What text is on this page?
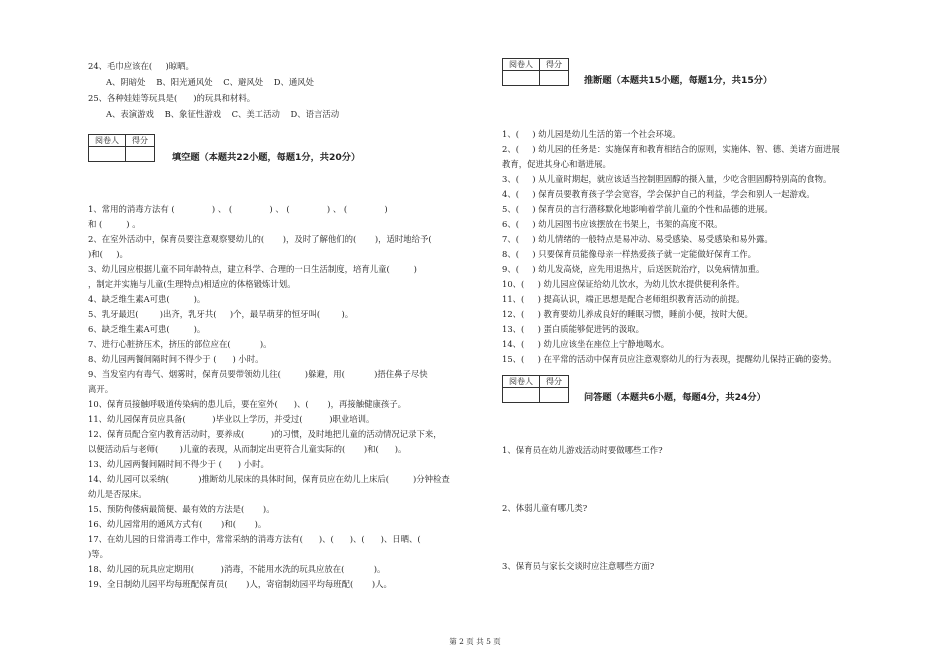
24、毛巾应该在(     )晾晒。
A、阴暗处    B、阳光通风处    C、避风处    D、通风处
25、各种娃娃等玩具是(      )的玩具和材料。
A、表演游戏    B、象征性游戏    C、美工活动    D、语言活动
阅卷人	得分

填空题（本题共22小题，每题1分，共20分）
1、常用的消毒方法有 (              ) 、 (              ) 、 (              ) 、 (              )
和 (         ) 。
2、在室外活动中，保育员要注意观察婴幼儿的(       )，及时了解他们的(       )，适时地给予(
)和(     )。
3、幼儿园应根据儿童不同年龄特点，建立科学、合理的一日生活制度，培育儿童(         )
，制定并实施与儿童(生理特点)相适应的体格锻炼计划。
4、缺乏维生素A可患(         )。
5、乳牙最迟(        )出齐，乳牙共(     )个，最早萌芽的恒牙叫(        )。
6、缺乏维生素A可患(         )。
7、进行心脏挤压术，挤压的部位应在(           )。
8、幼儿园两餐间隔时间不得少于 (      ) 小时。
9、当发室内有毒气、烟雾时，保育员要带领幼儿往(         )躲避，用(           )捂住鼻子尽快
离开。
10、保育员接触呼吸道传染病的患儿后，要在室外(      )、(       )，再接触健康孩子。
11、幼儿园保育员应具备(          )毕业以上学历，并受过(          )职业培训。
12、保育员配合室内教育活动时，要养成(          )的习惯，及时地把儿童的活动情况记录下来，
以便活动后与老师(        )儿童的表现，从而制定出更符合儿童实际的(       )和(      )。
13、幼儿园两餐间隔时间不得少于 (      ) 小时。
14、幼儿园可以采纳(           )推断幼儿尿床的具体时间，保育员应在幼儿上床后(         )分钟检查
幼儿是否尿床。
15、预防佝偻病最简便、最有效的方法是(       )。
16、幼儿园常用的通风方式有(       )和(       )。
17、在幼儿园的日常消毒工作中，常常采纳的消毒方法有(      )、(      )、(      )、日晒、(
)等。
18、幼儿园的玩具应定期用(          )消毒，不能用水洗的玩具应放在(           )。
19、全日制幼儿园平均每班配保育员(       )人，寄宿制幼园平均每班配(       )人。
阅卷人	得分

推断题（本题共15小题，每题1分，共15分）
1、(     ) 幼儿园是幼儿生活的第一个社会环境。
2、(     ) 幼儿园的任务是：实施保育和教育相结合的原则，实施体、智、德、美诸方面进展
教育，促进其身心和谐进展。
3、(     ) 从儿童时期起，就应该适当控制胆固醇的摄入量，少吃含胆固醇特别高的食物。
4、(     ) 保育员要教育孩子学会宽容，学会保护自己的利益，学会和别人一起游戏。
5、(     ) 保育员的言行潜移默化地影响着学前儿童的个性和品德的进展。
6、(     ) 幼儿园图书应该摆放在书架上，书架的高度不限。
7、(     ) 幼儿情绪的一般特点是易冲动、易受感染、易受感染和易外露。
8、(     ) 只要保育员能像母亲一样热爱孩子就一定能做好保育工作。
9、(     ) 幼儿发高烧，应先用退热片，后送医院治疗，以免病情加重。
10、(     ) 幼儿园应保证给幼儿饮水，为幼儿饮水提供便利条件。
11、(     ) 提高认识，端正思想是配合老师组织教育活动的前提。
12、(     ) 教育要幼儿养成良好的睡眠习惯，睡前小便，按时大便。
13、(     ) 蛋白质能够促进钙的汲取。
14、(     ) 幼儿应该坐在座位上宁静地喝水。
15、(     ) 在平常的活动中保育员应注意观察幼儿的行为表现，提醒幼儿保持正确的姿势。
阅卷人	得分

问答题（本题共6小题，每题4分，共24分）
1、保育员在幼儿游戏活动时要做哪些工作?
2、体弱儿童有哪几类?
3、保育员与家长交谈时应注意哪些方面?
第 2 页 共 5 页
